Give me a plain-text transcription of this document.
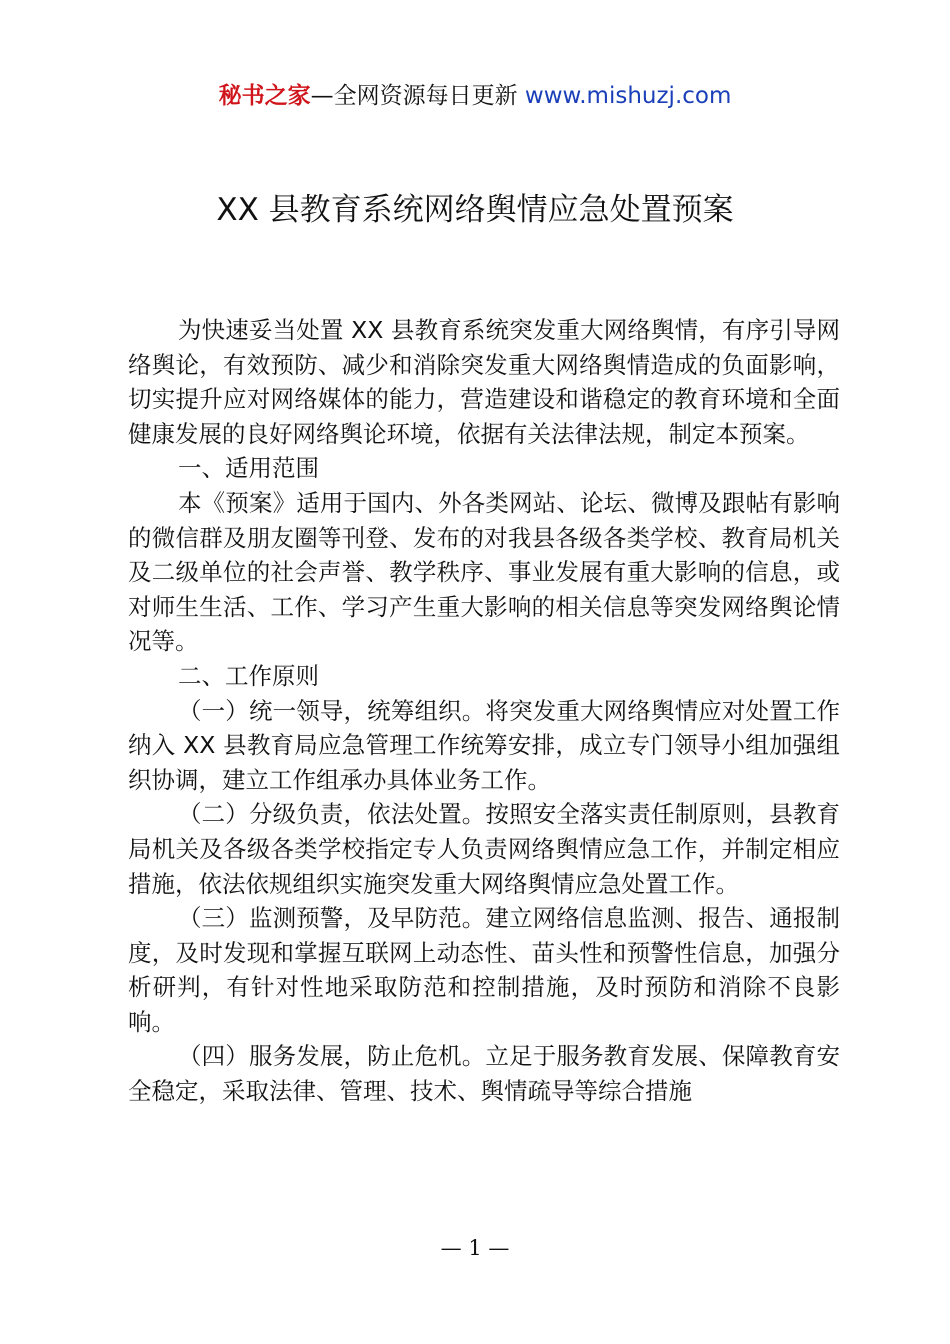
秘书之家—全网资源每日更新 www.mishuzj.com
XX 县教育系统网络舆情应急处置预案

为快速妥当处置 XX 县教育系统突发重大网络舆情，有序引导网络舆论，有效预防、减少和消除突发重大网络舆情造成的负面影响，切实提升应对网络媒体的能力，营造建设和谐稳定的教育环境和全面健康发展的良好网络舆论环境，依据有关法律法规，制定本预案。

一、适用范围

本《预案》适用于国内、外各类网站、论坛、微博及跟帖有影响的微信群及朋友圈等刊登、发布的对我县各级各类学校、教育局机关及二级单位的社会声誉、教学秩序、事业发展有重大影响的信息，或对师生生活、工作、学习产生重大影响的相关信息等突发网络舆论情况等。

二、工作原则

（一）统一领导，统筹组织。将突发重大网络舆情应对处置工作纳入 XX 县教育局应急管理工作统筹安排，成立专门领导小组加强组织协调，建立工作组承办具体业务工作。

（二）分级负责，依法处置。按照安全落实责任制原则，县教育局机关及各级各类学校指定专人负责网络舆情应急工作，并制定相应措施，依法依规组织实施突发重大网络舆情应急处置工作。

（三）监测预警，及早防范。建立网络信息监测、报告、通报制度，及时发现和掌握互联网上动态性、苗头性和预警性信息，加强分析研判，有针对性地采取防范和控制措施，及时预防和消除不良影响。

（四）服务发展，防止危机。立足于服务教育发展、保障教育安全稳定，采取法律、管理、技术、舆情疏导等综合措施

— 1 —
